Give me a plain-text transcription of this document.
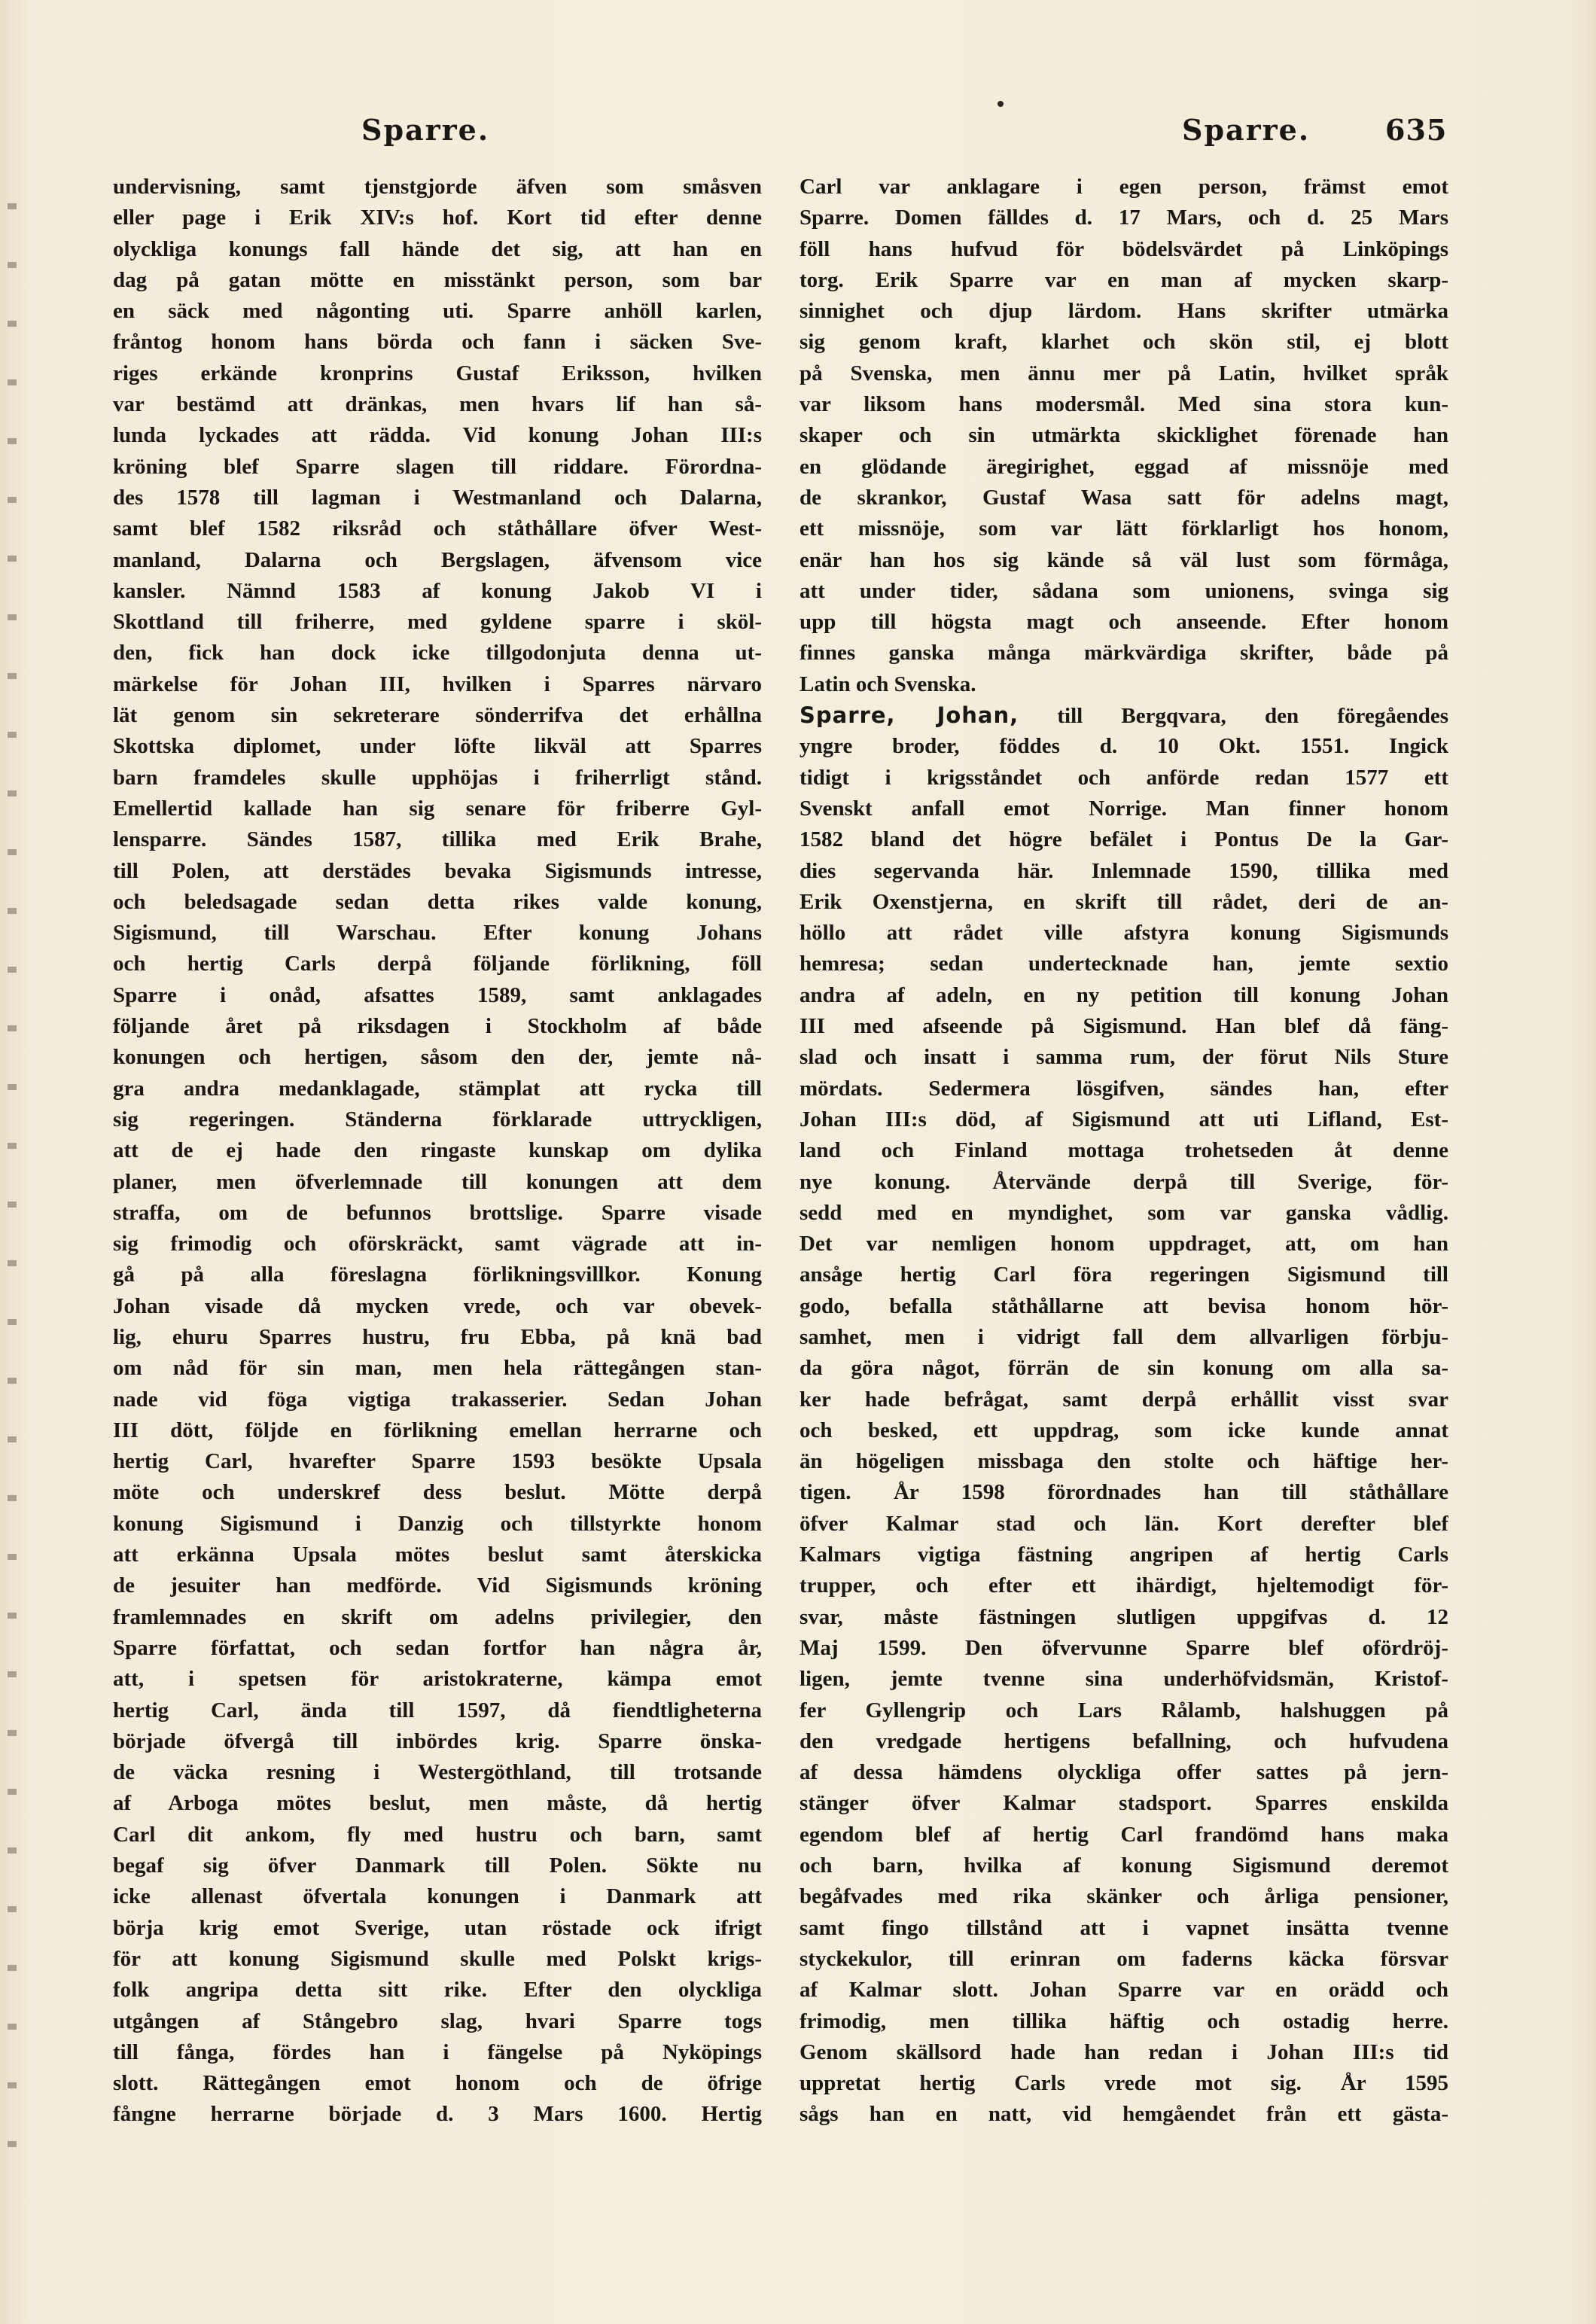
Sparre.	Sparre.	635
undervisning, samt tjenstgjorde äfven som småsven
eller page i Erik XIV:s hof. Kort tid efter denne
olyckliga konungs fall hände det sig, att han en
dag på gatan mötte en misstänkt person, som bar
en säck med någonting uti. Sparre anhöll karlen,
fråntog honom hans börda och fann i säcken Sve-
riges erkände kronprins Gustaf Eriksson, hvilken
var bestämd att dränkas, men hvars lif han så-
lunda lyckades att rädda. Vid konung Johan III:s
kröning blef Sparre slagen till riddare. Förordna-
des 1578 till lagman i Westmanland och Dalarna,
samt blef 1582 riksråd och ståthållare öfver West-
manland, Dalarna och Bergslagen, äfvensom vice
kansler. Nämnd 1583 af konung Jakob VI i
Skottland till friherre, med gyldene sparre i sköl-
den, fick han dock icke tillgodonjuta denna ut-
märkelse för Johan III, hvilken i Sparres närvaro
lät genom sin sekreterare sönderrifva det erhållna
Skottska diplomet, under löfte likväl att Sparres
barn framdeles skulle upphöjas i friherrligt stånd.
Emellertid kallade han sig senare för friberre Gyl-
lensparre. Sändes 1587, tillika med Erik Brahe,
till Polen, att derstädes bevaka Sigismunds intresse,
och beledsagade sedan detta rikes valde konung,
Sigismund, till Warschau. Efter konung Johans
och hertig Carls derpå följande förlikning, föll
Sparre i onåd, afsattes 1589, samt anklagades
följande året på riksdagen i Stockholm af både
konungen och hertigen, såsom den der, jemte nå-
gra andra medanklagade, stämplat att rycka till
sig regeringen. Ständerna förklarade uttryckligen,
att de ej hade den ringaste kunskap om dylika
planer, men öfverlemnade till konungen att dem
straffa, om de befunnos brottslige. Sparre visade
sig frimodig och oförskräckt, samt vägrade att in-
gå på alla föreslagna förlikningsvillkor. Konung
Johan visade då mycken vrede, och var obevek-
lig, ehuru Sparres hustru, fru Ebba, på knä bad
om nåd för sin man, men hela rättegången stan-
nade vid föga vigtiga trakasserier. Sedan Johan
III dött, följde en förlikning emellan herrarne och
hertig Carl, hvarefter Sparre 1593 besökte Upsala
möte och underskref dess beslut. Mötte derpå
konung Sigismund i Danzig och tillstyrkte honom
att erkänna Upsala mötes beslut samt återskicka
de jesuiter han medförde. Vid Sigismunds kröning
framlemnades en skrift om adelns privilegier, den
Sparre författat, och sedan fortfor han några år,
att, i spetsen för aristokraterne, kämpa emot
hertig Carl, ända till 1597, då fiendtligheterna
började öfvergå till inbördes krig. Sparre önska-
de väcka resning i Westergöthland, till trotsande
af Arboga mötes beslut, men måste, då hertig
Carl dit ankom, fly med hustru och barn, samt
begaf sig öfver Danmark till Polen. Sökte nu
icke allenast öfvertala konungen i Danmark att
börja krig emot Sverige, utan röstade ock ifrigt
för att konung Sigismund skulle med Polskt krigs-
folk angripa detta sitt rike. Efter den olyckliga
utgången af Stångebro slag, hvari Sparre togs
till fånga, fördes han i fängelse på Nyköpings
slott. Rättegången emot honom och de öfrige
fångne herrarne började d. 3 Mars 1600. Hertig
Carl var anklagare i egen person, främst emot
Sparre. Domen fälldes d. 17 Mars, och d. 25 Mars
föll hans hufvud för bödelsvärdet på Linköpings
torg. Erik Sparre var en man af mycken skarp-
sinnighet och djup lärdom. Hans skrifter utmärka
sig genom kraft, klarhet och skön stil, ej blott
på Svenska, men ännu mer på Latin, hvilket språk
var liksom hans modersmål. Med sina stora kun-
skaper och sin utmärkta skicklighet förenade han
en glödande äregirighet, eggad af missnöje med
de skrankor, Gustaf Wasa satt för adelns magt,
ett missnöje, som var lätt förklarligt hos honom,
enär han hos sig kände så väl lust som förmåga,
att under tider, sådana som unionens, svinga sig
upp till högsta magt och anseende. Efter honom
finnes ganska många märkvärdiga skrifter, både på
Latin och Svenska.
Sparre, Johan, till Bergqvara, den föregåendes
yngre broder, föddes d. 10 Okt. 1551. Ingick
tidigt i krigsståndet och anförde redan 1577 ett
Svenskt anfall emot Norrige. Man finner honom
1582 bland det högre befälet i Pontus De la Gar-
dies segervanda här. Inlemnade 1590, tillika med
Erik Oxenstjerna, en skrift till rådet, deri de an-
höllo att rådet ville afstyra konung Sigismunds
hemresa; sedan undertecknade han, jemte sextio
andra af adeln, en ny petition till konung Johan
III med afseende på Sigismund. Han blef då fäng-
slad och insatt i samma rum, der förut Nils Sture
mördats. Sedermera lösgifven, sändes han, efter
Johan III:s död, af Sigismund att uti Lifland, Est-
land och Finland mottaga trohetseden åt denne
nye konung. Återvände derpå till Sverige, för-
sedd med en myndighet, som var ganska vådlig.
Det var nemligen honom uppdraget, att, om han
ansåge hertig Carl föra regeringen Sigismund till
godo, befalla ståthållarne att bevisa honom hör-
samhet, men i vidrigt fall dem allvarligen förbju-
da göra något, förrän de sin konung om alla sa-
ker hade befrågat, samt derpå erhållit visst svar
och besked, ett uppdrag, som icke kunde annat
än högeligen missbaga den stolte och häftige her-
tigen. År 1598 förordnades han till ståthållare
öfver Kalmar stad och län. Kort derefter blef
Kalmars vigtiga fästning angripen af hertig Carls
trupper, och efter ett ihärdigt, hjeltemodigt för-
svar, måste fästningen slutligen uppgifvas d. 12
Maj 1599. Den öfvervunne Sparre blef ofördröj-
ligen, jemte tvenne sina underhöfvidsmän, Kristof-
fer Gyllengrip och Lars Rålamb, halshuggen på
den vredgade hertigens befallning, och hufvudena
af dessa hämdens olyckliga offer sattes på jern-
stänger öfver Kalmar stadsport. Sparres enskilda
egendom blef af hertig Carl frandömd hans maka
och barn, hvilka af konung Sigismund deremot
begåfvades med rika skänker och årliga pensioner,
samt fingo tillstånd att i vapnet insätta tvenne
styckekulor, till erinran om faderns käcka försvar
af Kalmar slott. Johan Sparre var en orädd och
frimodig, men tillika häftig och ostadig herre.
Genom skällsord hade han redan i Johan III:s tid
uppretat hertig Carls vrede mot sig. År 1595
sågs han en natt, vid hemgåendet från ett gästa-
